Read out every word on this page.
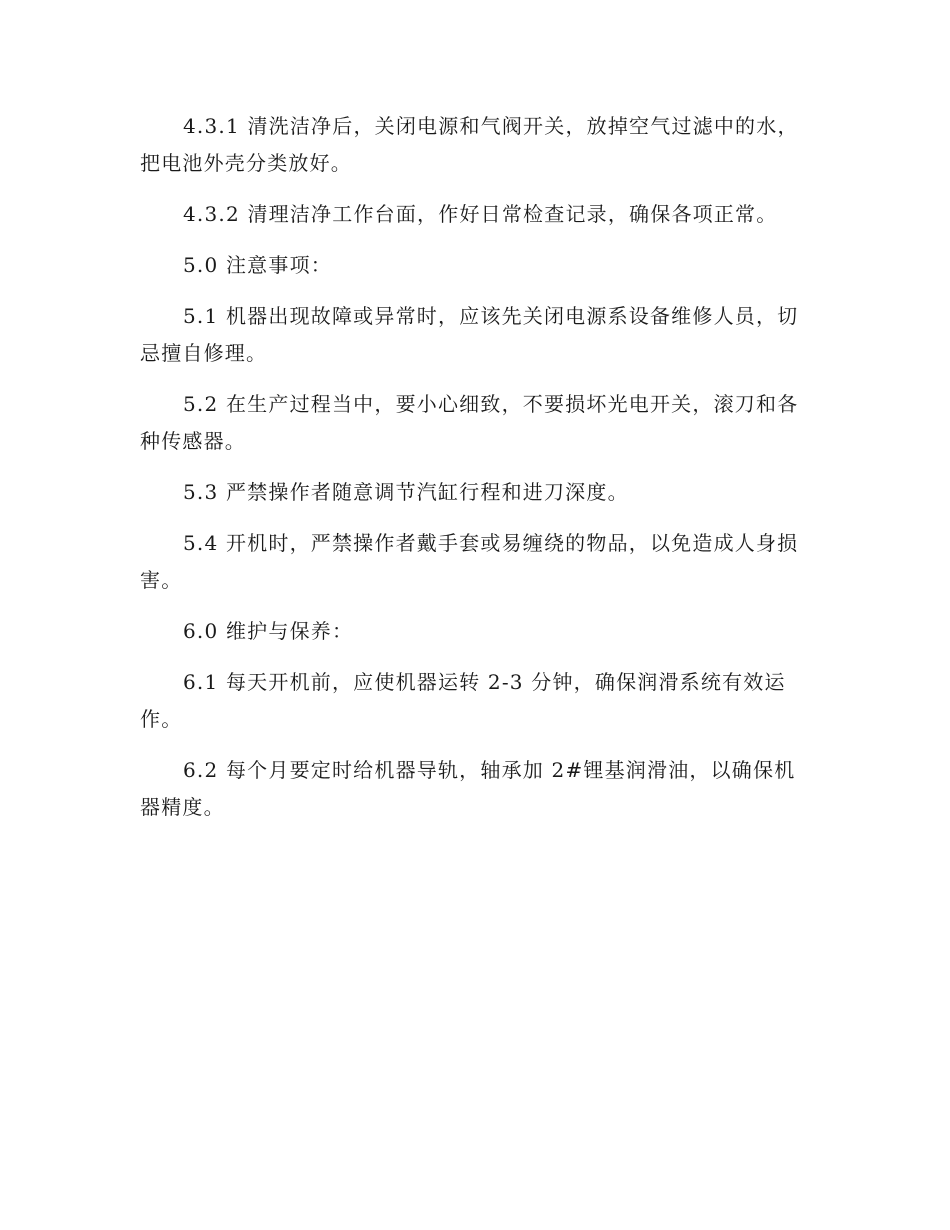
4.3.1 清洗洁净后，关闭电源和气阀开关，放掉空气过滤中的水，把电池外壳分类放好。

4.3.2 清理洁净工作台面，作好日常检查记录，确保各项正常。

5.0 注意事项：

5.1 机器出现故障或异常时，应该先关闭电源系设备维修人员，切忌擅自修理。

5.2 在生产过程当中，要小心细致，不要损坏光电开关，滚刀和各种传感器。

5.3 严禁操作者随意调节汽缸行程和进刀深度。

5.4 开机时，严禁操作者戴手套或易缠绕的物品，以免造成人身损害。

6.0 维护与保养：

6.1 每天开机前，应使机器运转 2-3 分钟，确保润滑系统有效运作。

6.2 每个月要定时给机器导轨，轴承加 2#锂基润滑油，以确保机器精度。
